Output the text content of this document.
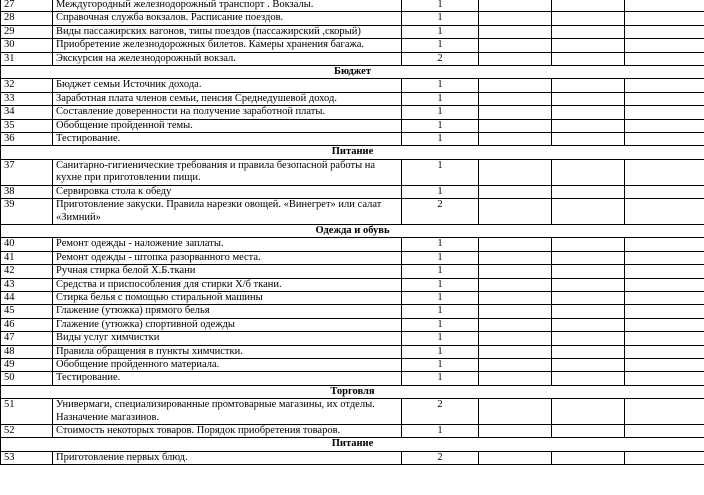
27	Междугородный железнодорожный транспорт . Вокзалы.	1			
28	Справочная служба вокзалов. Расписание поездов.	1			
29	Виды пассажирских вагонов, типы поездов (пассажирский ,скорый)	1			
30	Приобретение железнодорожных билетов. Камеры хранения багажа.	1			
31	Экскурсия на железнодорожный вокзал.	2			
Бюджет					
32	Бюджет семьи Источник дохода.	1			
33	Заработная плата членов семьи, пенсия Среднедушевой доход.	1			
34	Составление доверенности на получение заработной платы.	1			
35	Обобщение пройденной темы.	1			
36	Тестирование.	1			
Питание					
37	Санитарно-гигиенические требования и правила безопасной работы на кухне при приготовлении пищи.	1			
38	Сервировка стола к обеду	1			
39	Приготовление закуски. Правила нарезки овощей. «Винегрет» или салат «Зимний»	2			
Одежда и обувь					
40	Ремонт одежды - наложение заплаты.	1			
41	Ремонт одежды - штопка разорванного места.	1			
42	Ручная стирка белой Х.Б.ткани	1			
43	Средства и приспособления для стирки Х/б ткани.	1			
44	Стирка белья с помощью стиральной машины	1			
45	Глажение (утюжка) прямого белья	1			
46	Глажение (утюжка) спортивной одежды	1			
47	Виды услуг химчистки	1			
48	Правила обращения в пункты химчистки.	1			
49	Обобщение пройденного материала.	1			
50	Тестирование.	1			
Торговля					
51	Универмаги, специализированные промтоварные магазины, их отделы. Назначение магазинов.	2			
52	Стоимость некоторых товаров. Порядок приобретения товаров.	1			
Питание					
53	Приготовление первых блюд.	2			
